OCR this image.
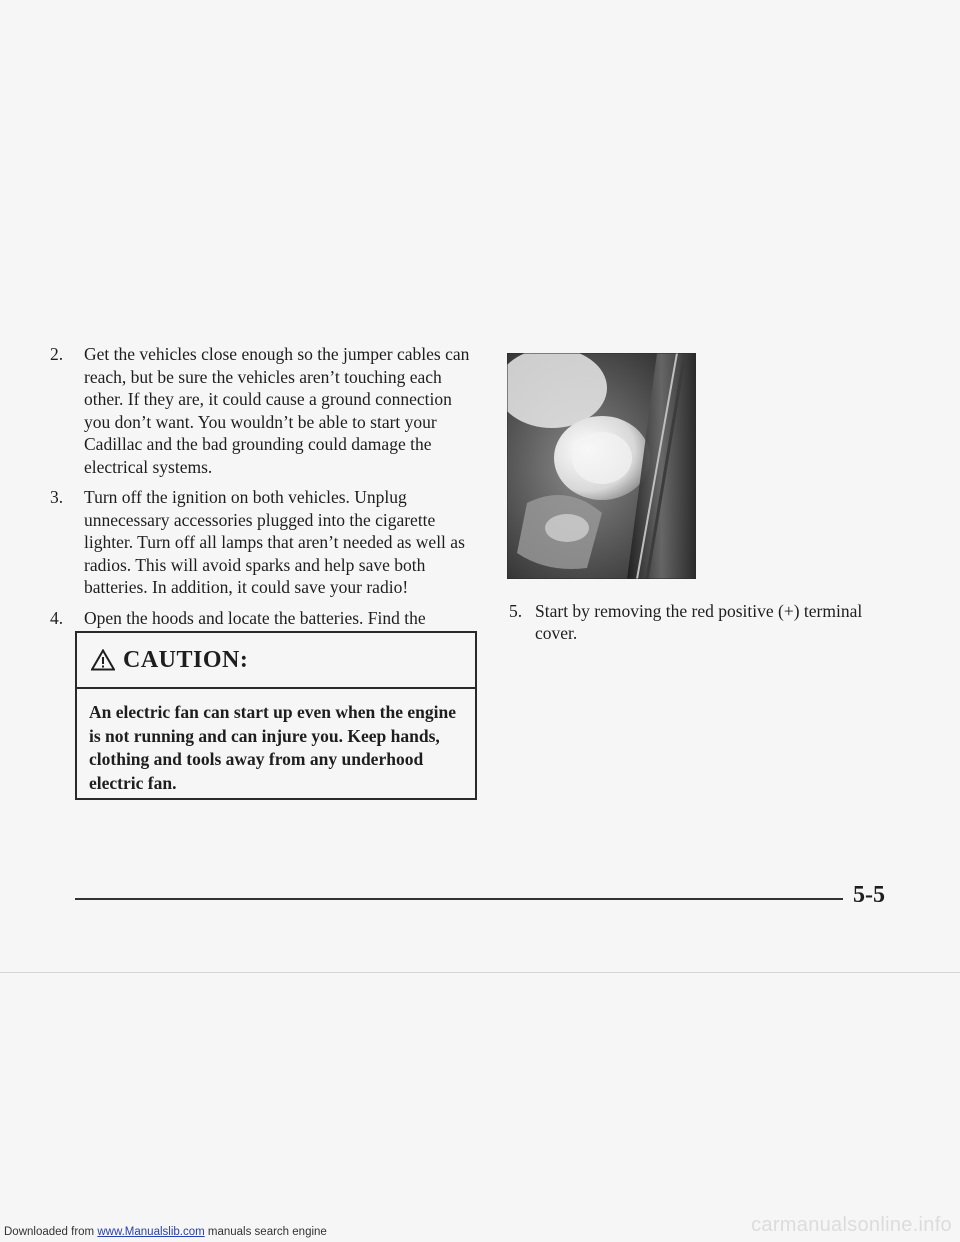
2. Get the vehicles close enough so the jumper cables can reach, but be sure the vehicles aren’t touching each other. If they are, it could cause a ground connection you don’t want. You wouldn’t be able to start your Cadillac and the bad grounding could damage the electrical systems.
3. Turn off the ignition on both vehicles. Unplug unnecessary accessories plugged into the cigarette lighter. Turn off all lamps that aren’t needed as well as radios. This will avoid sparks and help save both batteries. In addition, it could save your radio!
4. Open the hoods and locate the batteries. Find the
CAUTION:
An electric fan can start up even when the engine is not running and can injure you. Keep hands, clothing and tools away from any underhood electric fan.
5. Start by removing the red positive (+) terminal cover.
5-5
Downloaded from www.Manualslib.com manuals search engine	carmanualsonline.info
